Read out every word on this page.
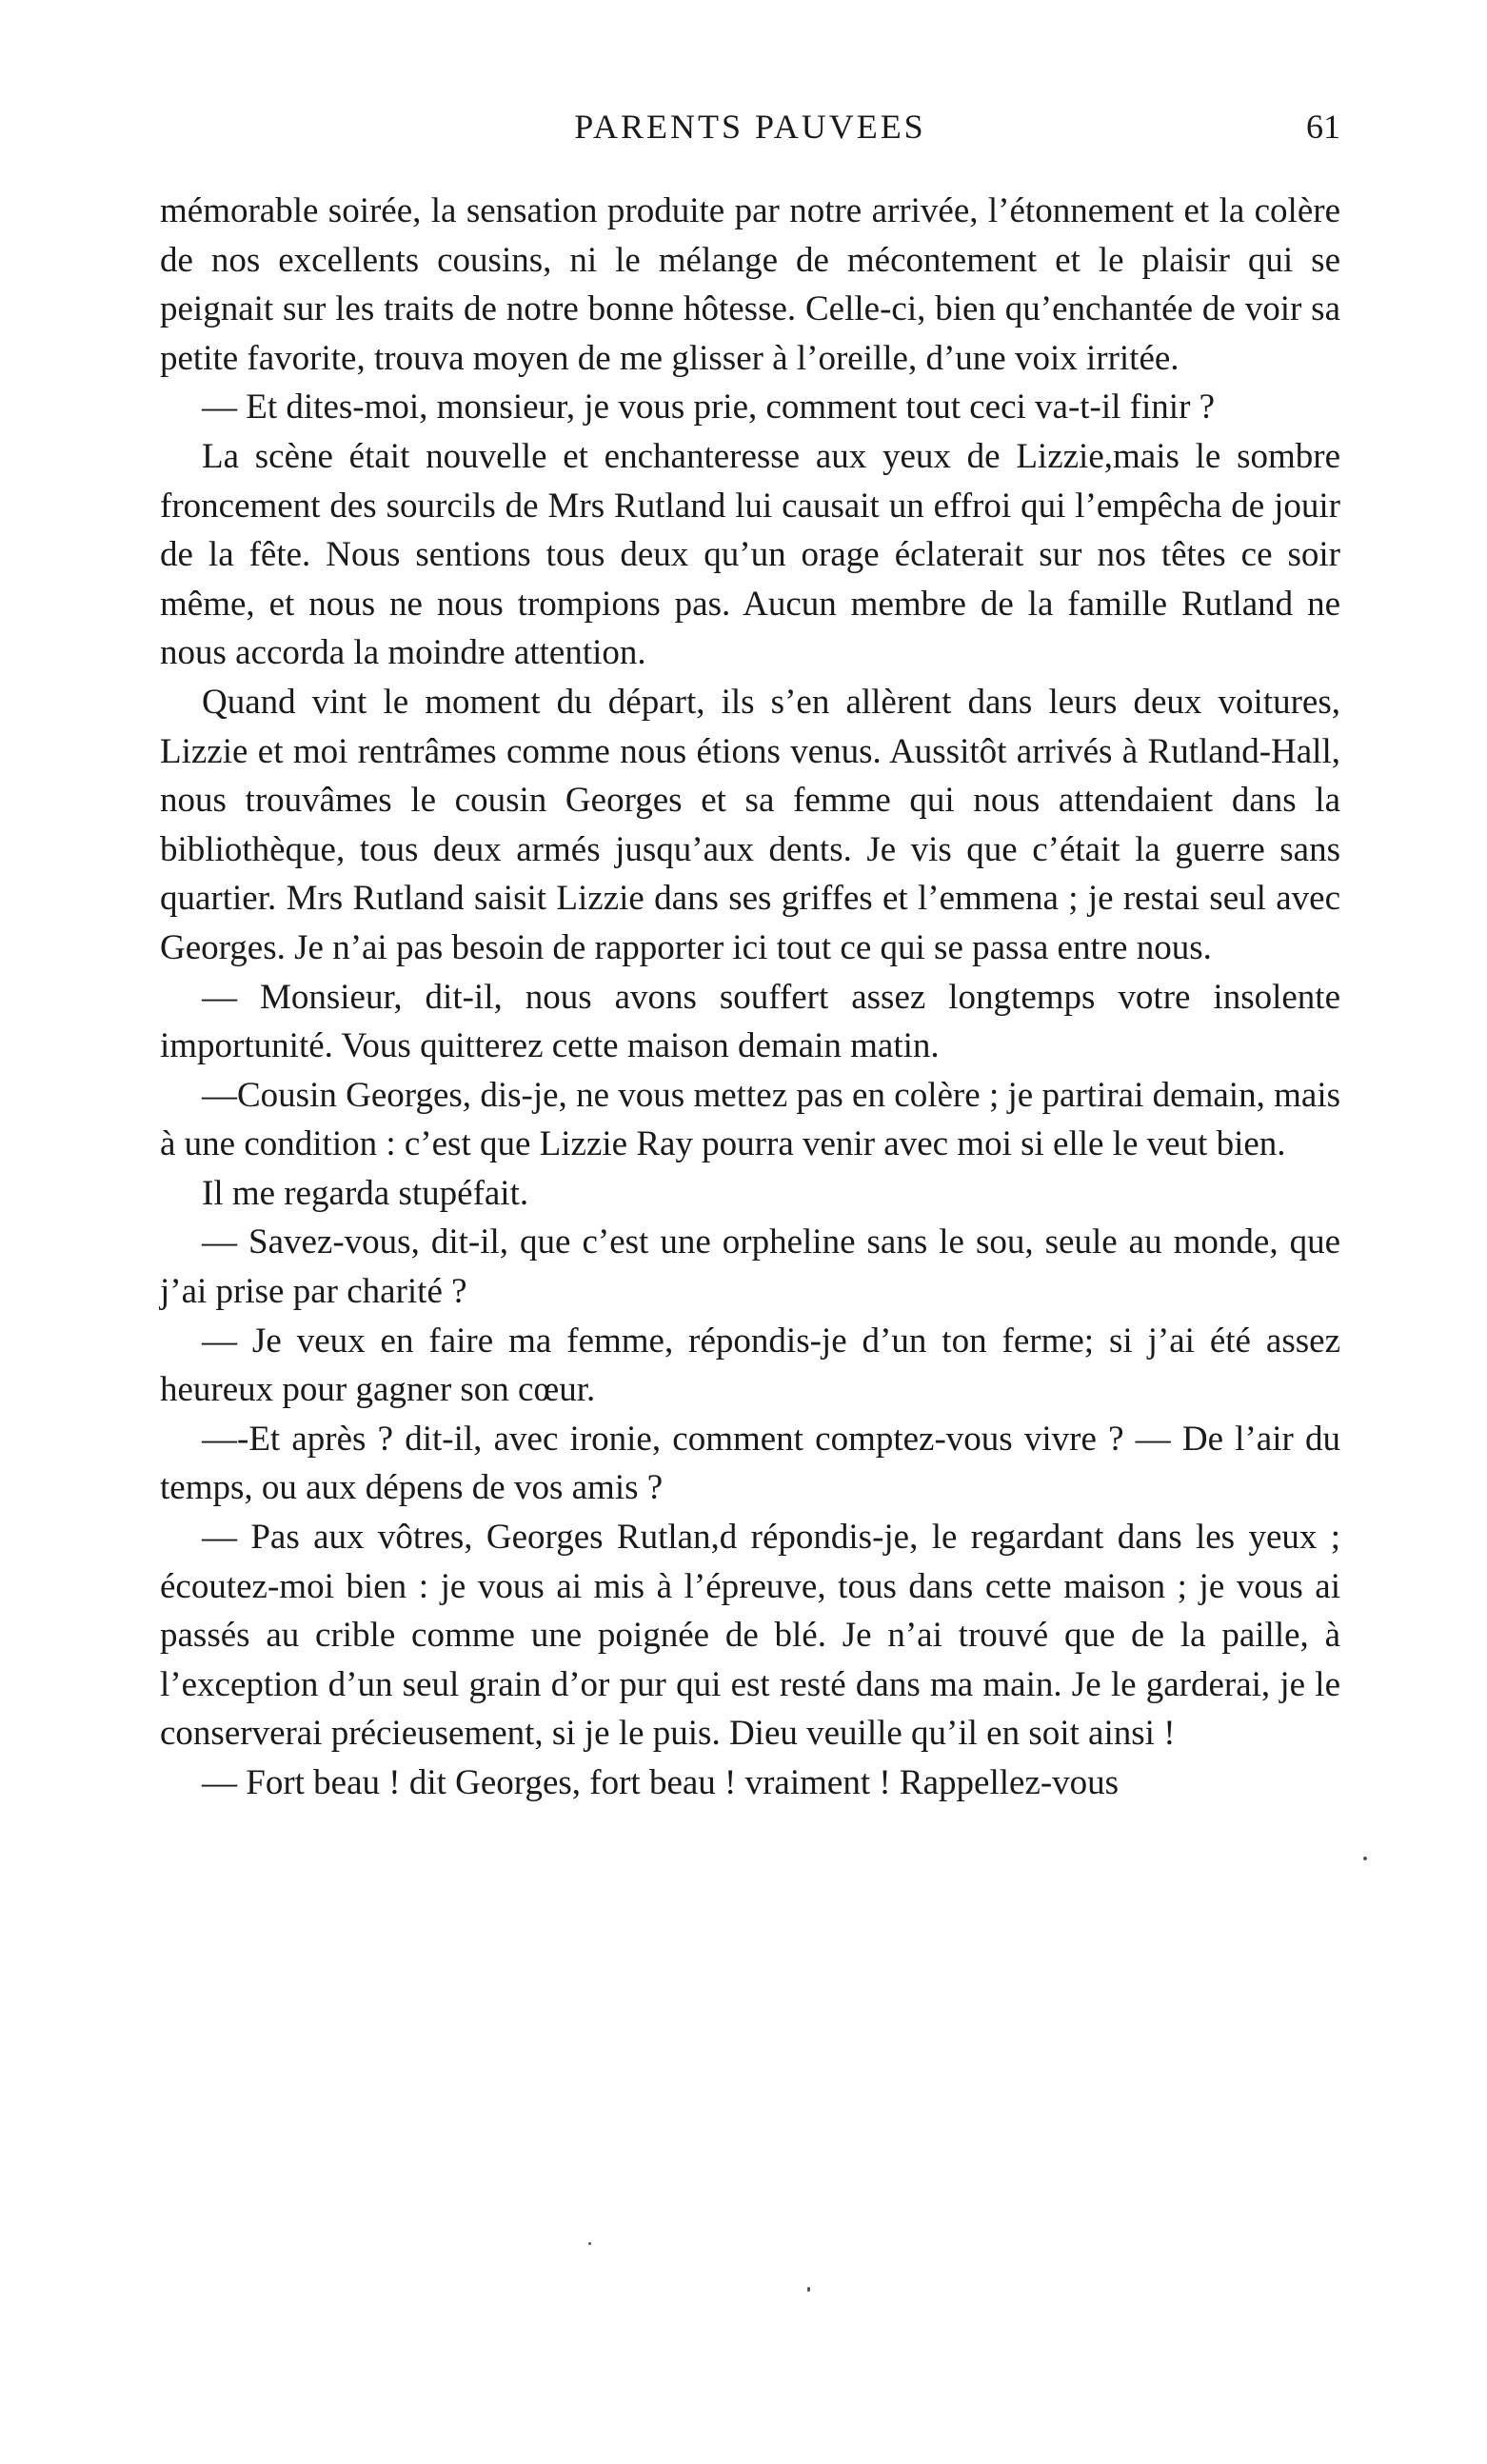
PARENTS PAUVEES	61

mémorable soirée, la sensation produite par notre arrivée, l’étonnement et la colère de nos excellents cousins, ni le mélange de mécontement et le plaisir qui se peignait sur les traits de notre bonne hôtesse. Celle-ci, bien qu’enchantée de voir sa petite favorite, trouva moyen de me glisser à l’oreille, d’une voix irritée.

— Et dites-moi, monsieur, je vous prie, comment tout ceci va-t-il finir ?

La scène était nouvelle et enchanteresse aux yeux de Lizzie,mais le sombre froncement des sourcils de Mrs Rutland lui causait un effroi qui l’empêcha de jouir de la fête. Nous sentions tous deux qu’un orage éclaterait sur nos têtes ce soir même, et nous ne nous trompions pas. Aucun membre de la famille Rutland ne nous accorda la moindre attention.

Quand vint le moment du départ, ils s’en allèrent dans leurs deux voitures, Lizzie et moi rentrâmes comme nous étions venus. Aussitôt arrivés à Rutland-Hall, nous trouvâmes le cousin Georges et sa femme qui nous attendaient dans la bibliothèque, tous deux armés jusqu’aux dents. Je vis que c’était la guerre sans quartier. Mrs Rutland saisit Lizzie dans ses griffes et l’emmena ; je restai seul avec Georges. Je n’ai pas besoin de rapporter ici tout ce qui se passa entre nous.

— Monsieur, dit-il, nous avons souffert assez longtemps votre insolente importunité. Vous quitterez cette maison demain matin.

—Cousin Georges, dis-je, ne vous mettez pas en colère ; je partirai demain, mais à une condition : c’est que Lizzie Ray pourra venir avec moi si elle le veut bien.

Il me regarda stupéfait.

— Savez-vous, dit-il, que c’est une orpheline sans le sou, seule au monde, que j’ai prise par charité ?

— Je veux en faire ma femme, répondis-je d’un ton ferme; si j’ai été assez heureux pour gagner son cœur.

—-Et après ? dit-il, avec ironie, comment comptez-vous vivre ? — De l’air du temps, ou aux dépens de vos amis ?

— Pas aux vôtres, Georges Rutlan,d répondis-je, le regardant dans les yeux ; écoutez-moi bien : je vous ai mis à l’épreuve, tous dans cette maison ; je vous ai passés au crible comme une poignée de blé. Je n’ai trouvé que de la paille, à l’exception d’un seul grain d’or pur qui est resté dans ma main. Je le garderai, je le conserverai précieusement, si je le puis. Dieu veuille qu’il en soit ainsi !

— Fort beau ! dit Georges, fort beau ! vraiment ! Rappellez-vous
